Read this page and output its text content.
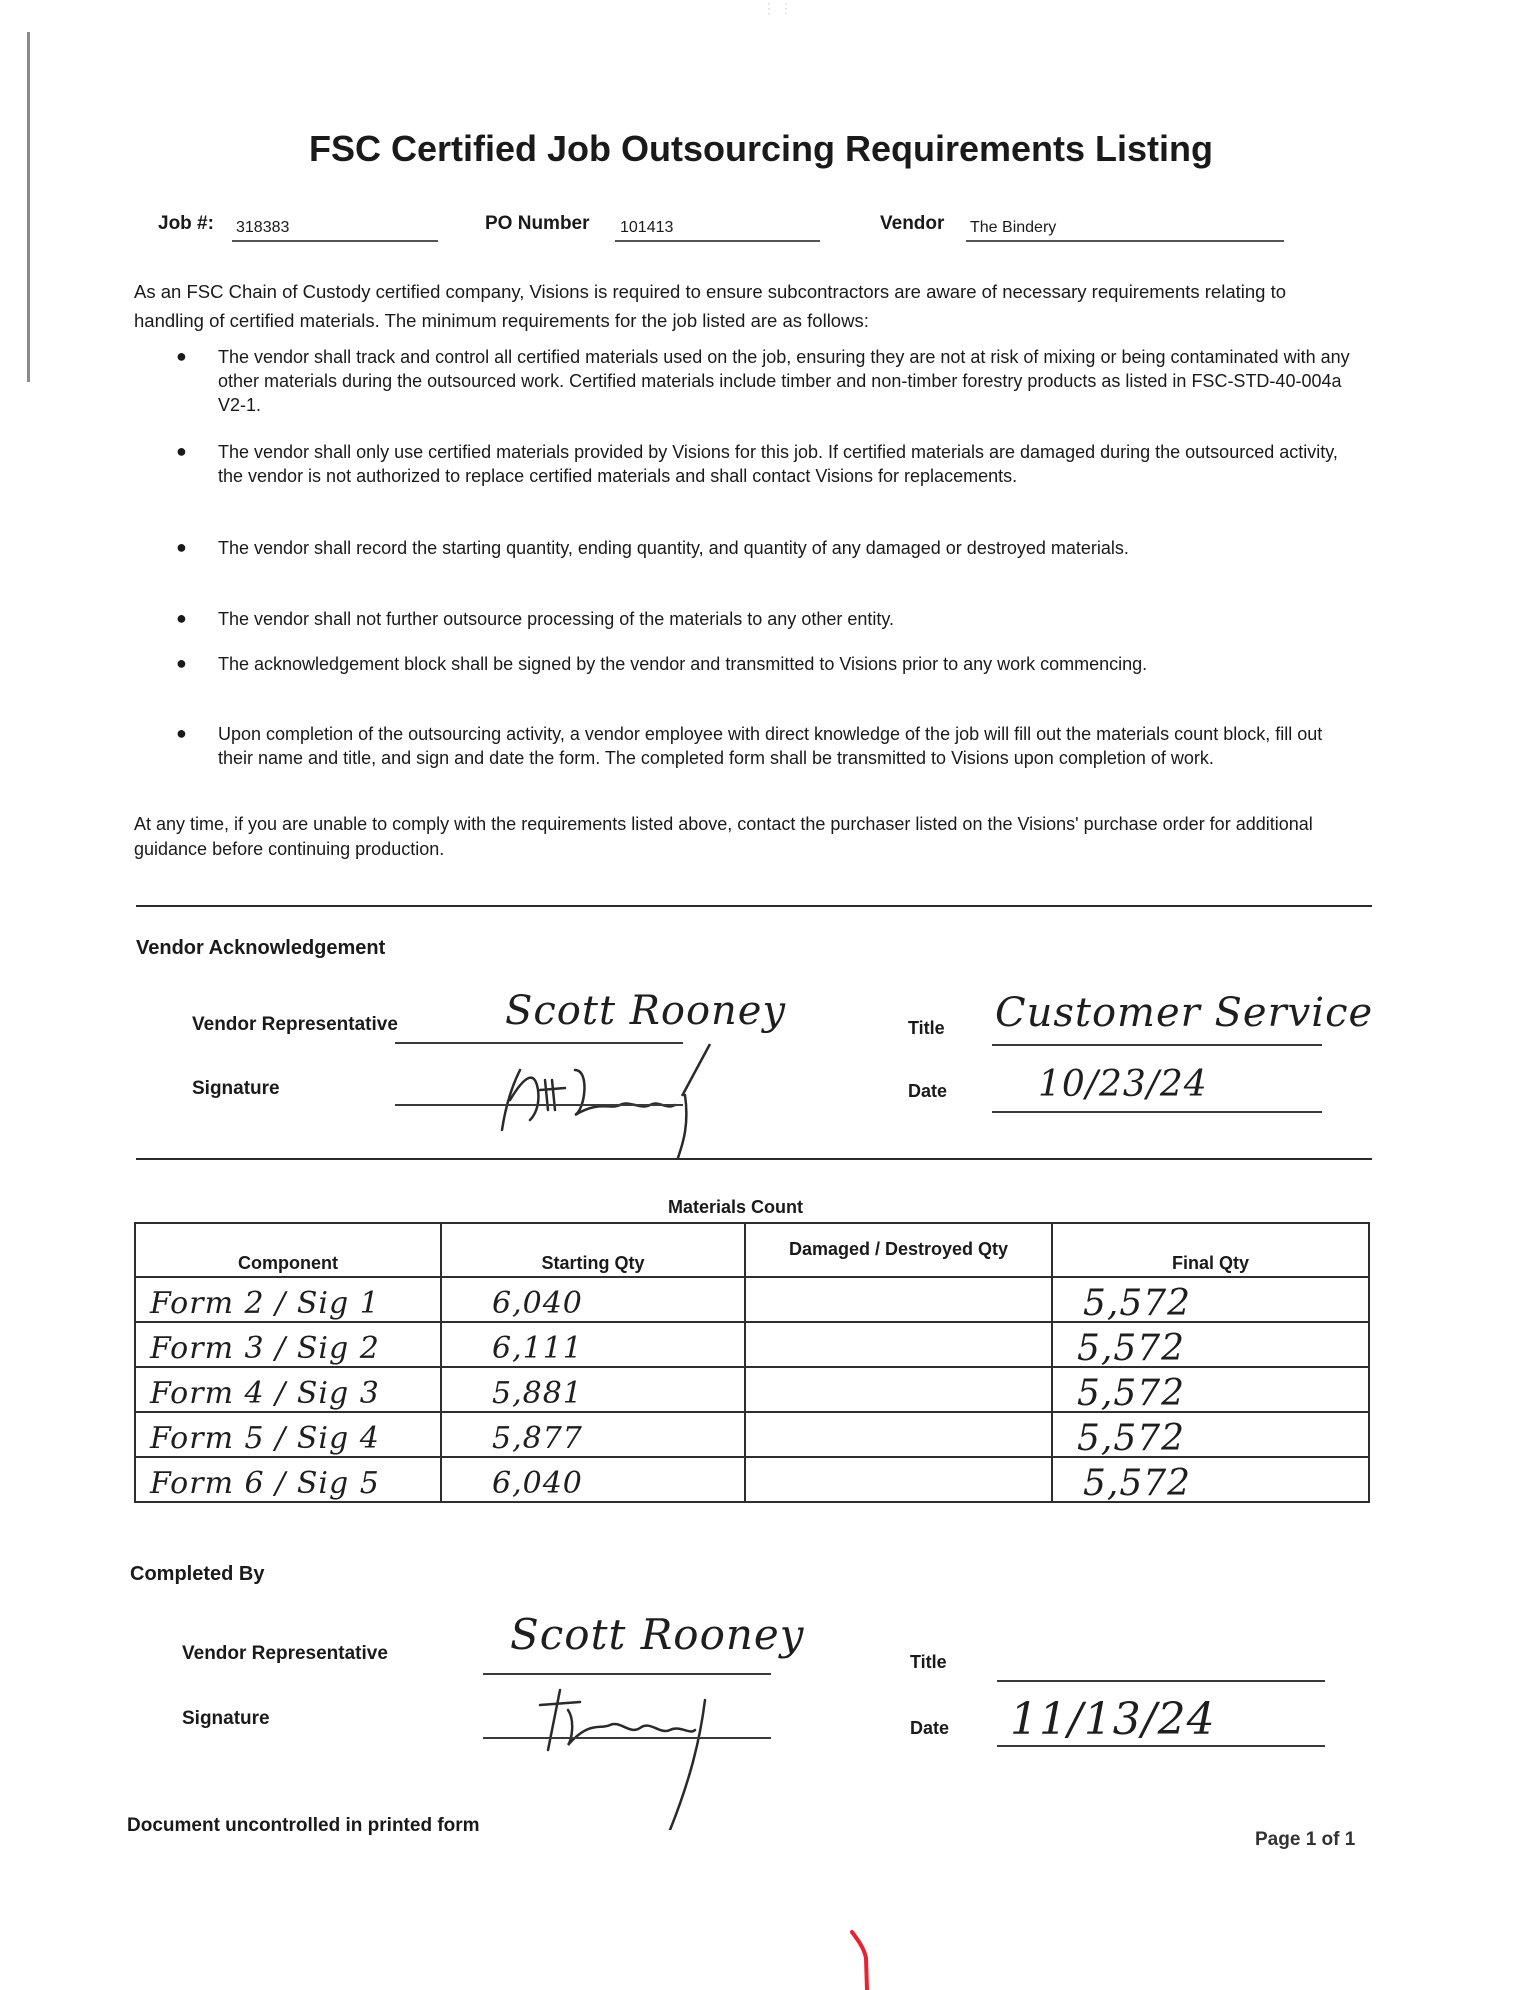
⋮⋮
FSC Certified Job Outsourcing Requirements Listing
Job #: 318383	PO Number 101413	Vendor The Bindery
As an FSC Chain of Custody certified company, Visions is required to ensure subcontractors are aware of necessary requirements relating to handling of certified materials. The minimum requirements for the job listed are as follows:
● The vendor shall track and control all certified materials used on the job, ensuring they are not at risk of mixing or being contaminated with any other materials during the outsourced work. Certified materials include timber and non-timber forestry products as listed in FSC-STD-40-004a V2-1.
● The vendor shall only use certified materials provided by Visions for this job. If certified materials are damaged during the outsourced activity, the vendor is not authorized to replace certified materials and shall contact Visions for replacements.
● The vendor shall record the starting quantity, ending quantity, and quantity of any damaged or destroyed materials.
● The vendor shall not further outsource processing of the materials to any other entity.
● The acknowledgement block shall be signed by the vendor and transmitted to Visions prior to any work commencing.
● Upon completion of the outsourcing activity, a vendor employee with direct knowledge of the job will fill out the materials count block, fill out their name and title, and sign and date the form. The completed form shall be transmitted to Visions upon completion of work.
At any time, if you are unable to comply with the requirements listed above, contact the purchaser listed on the Visions' purchase order for additional guidance before continuing production.
Vendor Acknowledgement
Vendor Representative	Scott Rooney
Signature
Title Customer Service
Date	10/23/24
Materials Count
Component	Starting Qty	Damaged / Destroyed Qty	Final Qty
Form 2 / Sig 1	6,040		5,572
Form 3 / Sig 2	6,111		5,572
Form 4 / Sig 3	5,881		5,572
Form 5 / Sig 4	5,877		5,572
Form 6 / Sig 5	6,040		5,572
Completed By
Vendor Representative	Scott Rooney
Signature
Title
Date 11/13/24
Document uncontrolled in printed form
Page 1 of 1
